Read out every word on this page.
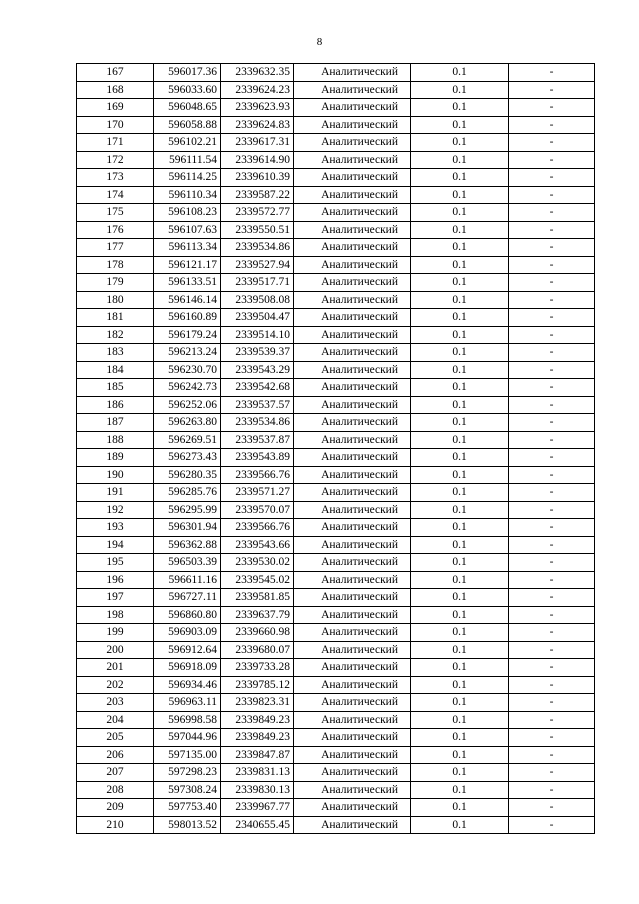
8
167	596017.36	2339632.35	Аналитический	0.1	-
168	596033.60	2339624.23	Аналитический	0.1	-
169	596048.65	2339623.93	Аналитический	0.1	-
170	596058.88	2339624.83	Аналитический	0.1	-
171	596102.21	2339617.31	Аналитический	0.1	-
172	596111.54	2339614.90	Аналитический	0.1	-
173	596114.25	2339610.39	Аналитический	0.1	-
174	596110.34	2339587.22	Аналитический	0.1	-
175	596108.23	2339572.77	Аналитический	0.1	-
176	596107.63	2339550.51	Аналитический	0.1	-
177	596113.34	2339534.86	Аналитический	0.1	-
178	596121.17	2339527.94	Аналитический	0.1	-
179	596133.51	2339517.71	Аналитический	0.1	-
180	596146.14	2339508.08	Аналитический	0.1	-
181	596160.89	2339504.47	Аналитический	0.1	-
182	596179.24	2339514.10	Аналитический	0.1	-
183	596213.24	2339539.37	Аналитический	0.1	-
184	596230.70	2339543.29	Аналитический	0.1	-
185	596242.73	2339542.68	Аналитический	0.1	-
186	596252.06	2339537.57	Аналитический	0.1	-
187	596263.80	2339534.86	Аналитический	0.1	-
188	596269.51	2339537.87	Аналитический	0.1	-
189	596273.43	2339543.89	Аналитический	0.1	-
190	596280.35	2339566.76	Аналитический	0.1	-
191	596285.76	2339571.27	Аналитический	0.1	-
192	596295.99	2339570.07	Аналитический	0.1	-
193	596301.94	2339566.76	Аналитический	0.1	-
194	596362.88	2339543.66	Аналитический	0.1	-
195	596503.39	2339530.02	Аналитический	0.1	-
196	596611.16	2339545.02	Аналитический	0.1	-
197	596727.11	2339581.85	Аналитический	0.1	-
198	596860.80	2339637.79	Аналитический	0.1	-
199	596903.09	2339660.98	Аналитический	0.1	-
200	596912.64	2339680.07	Аналитический	0.1	-
201	596918.09	2339733.28	Аналитический	0.1	-
202	596934.46	2339785.12	Аналитический	0.1	-
203	596963.11	2339823.31	Аналитический	0.1	-
204	596998.58	2339849.23	Аналитический	0.1	-
205	597044.96	2339849.23	Аналитический	0.1	-
206	597135.00	2339847.87	Аналитический	0.1	-
207	597298.23	2339831.13	Аналитический	0.1	-
208	597308.24	2339830.13	Аналитический	0.1	-
209	597753.40	2339967.77	Аналитический	0.1	-
210	598013.52	2340655.45	Аналитический	0.1	-
